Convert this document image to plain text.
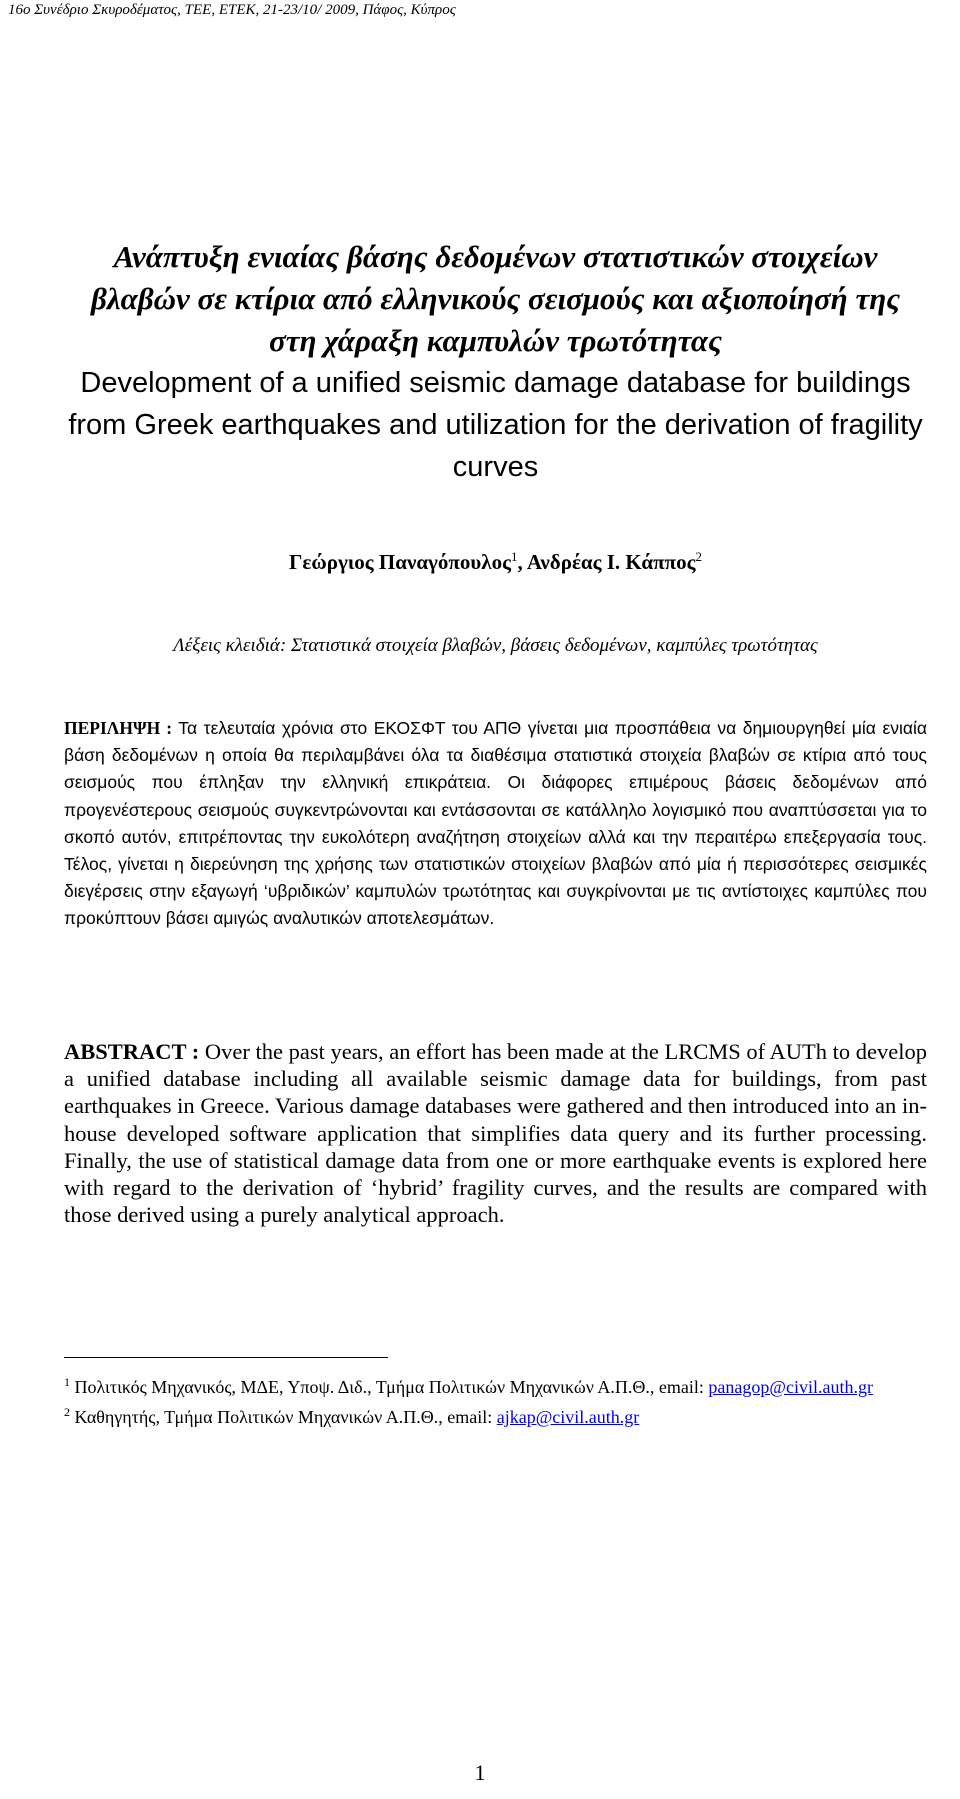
16ο Συνέδριο Σκυροδέματος, ΤΕΕ, ΕΤΕΚ, 21-23/10/ 2009, Πάφος, Κύπρος
Ανάπτυξη ενιαίας βάσης δεδομένων στατιστικών στοιχείων βλαβών σε κτίρια από ελληνικούς σεισμούς και αξιοποίησή της στη χάραξη καμπυλών τρωτότητας
Development of a unified seismic damage database for buildings from Greek earthquakes and utilization for the derivation of fragility curves
Γεώργιος Παναγόπουλος$^1$, Ανδρέας Ι. Κάππος$^2$
Λέξεις κλειδιά: Στατιστικά στοιχεία βλαβών, βάσεις δεδομένων, καμπύλες τρωτότητας
ΠΕΡΙΛΗΨΗ : Τα τελευταία χρόνια στο ΕΚΟΣΦΤ του ΑΠΘ γίνεται μια προσπάθεια να δημιουργηθεί μία ενιαία βάση δεδομένων η οποία θα περιλαμβάνει όλα τα διαθέσιμα στατιστικά στοιχεία βλαβών σε κτίρια από τους σεισμούς που έπληξαν την ελληνική επικράτεια. Οι διάφορες επιμέρους βάσεις δεδομένων από προγενέστερους σεισμούς συγκεντρώνονται και εντάσσονται σε κατάλληλο λογισμικό που αναπτύσσεται για το σκοπό αυτόν, επιτρέποντας την ευκολότερη αναζήτηση στοιχείων αλλά και την περαιτέρω επεξεργασία τους. Τέλος, γίνεται η διερεύνηση της χρήσης των στατιστικών στοιχείων βλαβών από μία ή περισσότερες σεισμικές διεγέρσεις στην εξαγωγή ‘υβριδικών’ καμπυλών τρωτότητας και συγκρίνονται με τις αντίστοιχες καμπύλες που προκύπτουν βάσει αμιγώς αναλυτικών αποτελεσμάτων.
ABSTRACT : Over the past years, an effort has been made at the LRCMS of AUTh to develop a unified database including all available seismic damage data for buildings, from past earthquakes in Greece. Various damage databases were gathered and then introduced into an in-house developed software application that simplifies data query and its further processing. Finally, the use of statistical damage data from one or more earthquake events is explored here with regard to the derivation of ‘hybrid’ fragility curves, and the results are compared with those derived using a purely analytical approach.
$^1$ Πολιτικός Μηχανικός, ΜΔΕ, Υποψ. Διδ., Τμήμα Πολιτικών Μηχανικών Α.Π.Θ., email: panagop@civil.auth.gr
$^2$ Καθηγητής, Τμήμα Πολιτικών Μηχανικών Α.Π.Θ., email: ajkap@civil.auth.gr
1
